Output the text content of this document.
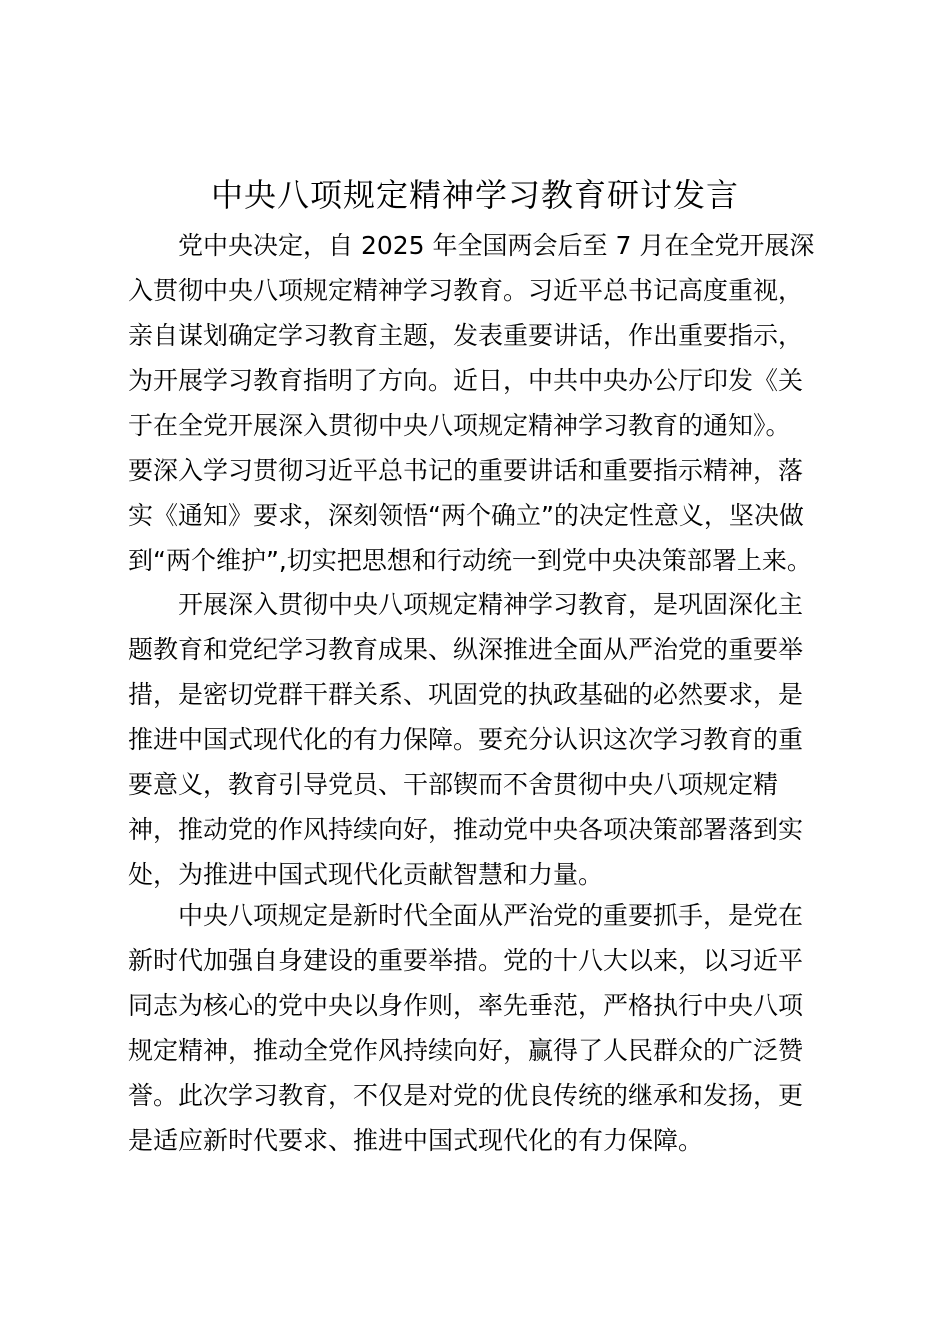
中央八项规定精神学习教育研讨发言
党中央决定，自 2025 年全国两会后至 7 月在全党开展深
入贯彻中央八项规定精神学习教育。习近平总书记高度重视，
亲自谋划确定学习教育主题，发表重要讲话，作出重要指示，
为开展学习教育指明了方向。近日，中共中央办公厅印发《关
于在全党开展深入贯彻中央八项规定精神学习教育的通知》。
要深入学习贯彻习近平总书记的重要讲话和重要指示精神，落
实《通知》要求，深刻领悟“两个确立”的决定性意义，坚决做
到“两个维护”,切实把思想和行动统一到党中央决策部署上来。
开展深入贯彻中央八项规定精神学习教育，是巩固深化主
题教育和党纪学习教育成果、纵深推进全面从严治党的重要举
措，是密切党群干群关系、巩固党的执政基础的必然要求，是
推进中国式现代化的有力保障。要充分认识这次学习教育的重
要意义，教育引导党员、干部锲而不舍贯彻中央八项规定精
神，推动党的作风持续向好，推动党中央各项决策部署落到实
处，为推进中国式现代化贡献智慧和力量。
中央八项规定是新时代全面从严治党的重要抓手，是党在
新时代加强自身建设的重要举措。党的十八大以来，以习近平
同志为核心的党中央以身作则，率先垂范，严格执行中央八项
规定精神，推动全党作风持续向好，赢得了人民群众的广泛赞
誉。此次学习教育，不仅是对党的优良传统的继承和发扬，更
是适应新时代要求、推进中国式现代化的有力保障。
